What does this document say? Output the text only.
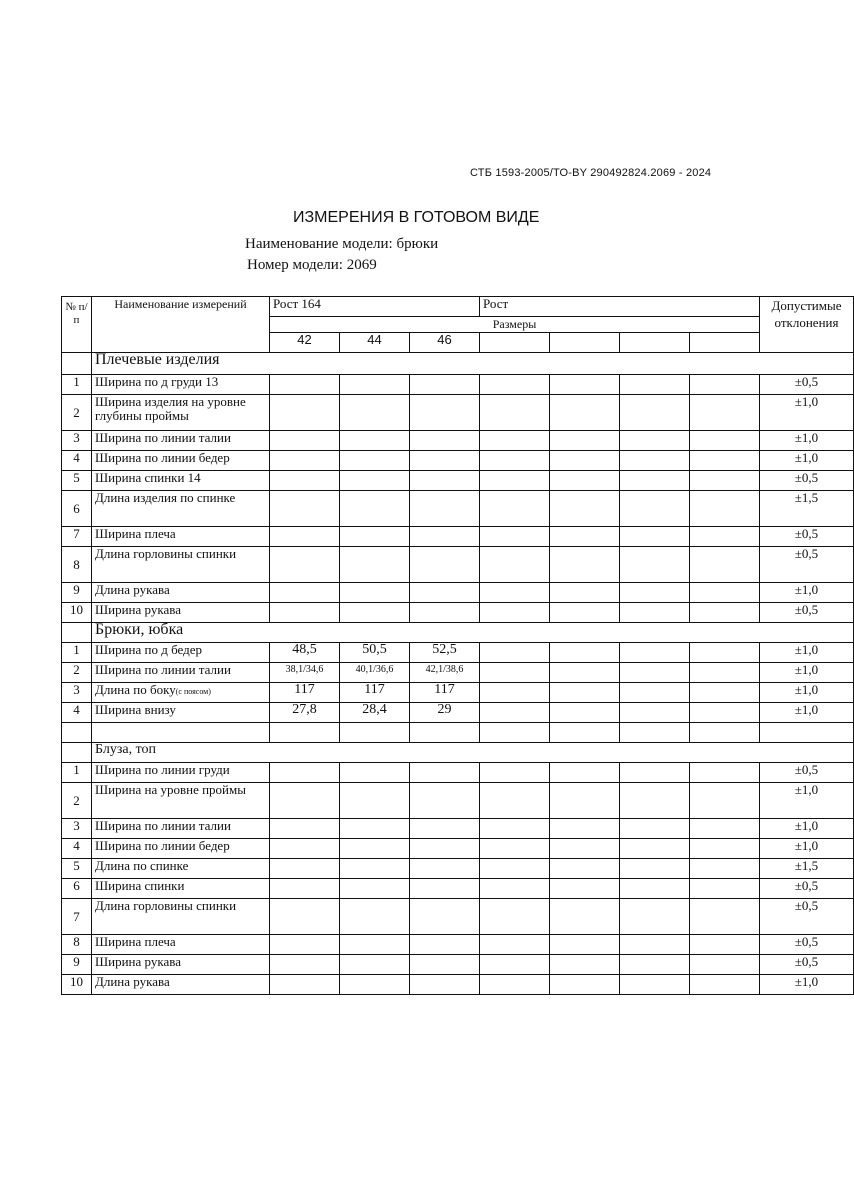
СТБ 1593-2005/ТО-BY 290492824.2069 - 2024
ИЗМЕРЕНИЯ В ГОТОВОМ ВИДЕ
Наименование модели: брюки
Номер модели: 2069
№ п/ п	Наименование измерений	Рост 164			Рост				Допустимые отклонения
		Размеры							
		42	44	46					
	Плечевые изделия								
1	Ширина по д груди 13								±0,5
2	Ширина изделия на уровне глубины проймы								±1,0
3	Ширина по линии талии								±1,0
4	Ширина по линии бедер								±1,0
5	Ширина спинки 14								±0,5
6	Длина изделия по спинке								±1,5
7	Ширина плеча								±0,5
8	Длина горловины спинки								±0,5
9	Длина рукава								±1,0
10	Ширина рукава								±0,5
	Брюки, юбка								
1	Ширина по д бедер	48,5	50,5	52,5					±1,0
2	Ширина по линии талии	38,1/34,6	40,1/36,6	42,1/38,6					±1,0
3	Длина по боку(с поясом)	117	117	117					±1,0
4	Ширина внизу	27,8	28,4	29					±1,0

	Блуза, топ								
1	Ширина по линии груди								±0,5
2	Ширина на уровне проймы								±1,0
3	Ширина по линии талии								±1,0
4	Ширина по линии бедер								±1,0
5	Длина по спинке								±1,5
6	Ширина спинки								±0,5
7	Длина горловины спинки								±0,5
8	Ширина плеча								±0,5
9	Ширина рукава								±0,5
10	Длина рукава								±1,0
